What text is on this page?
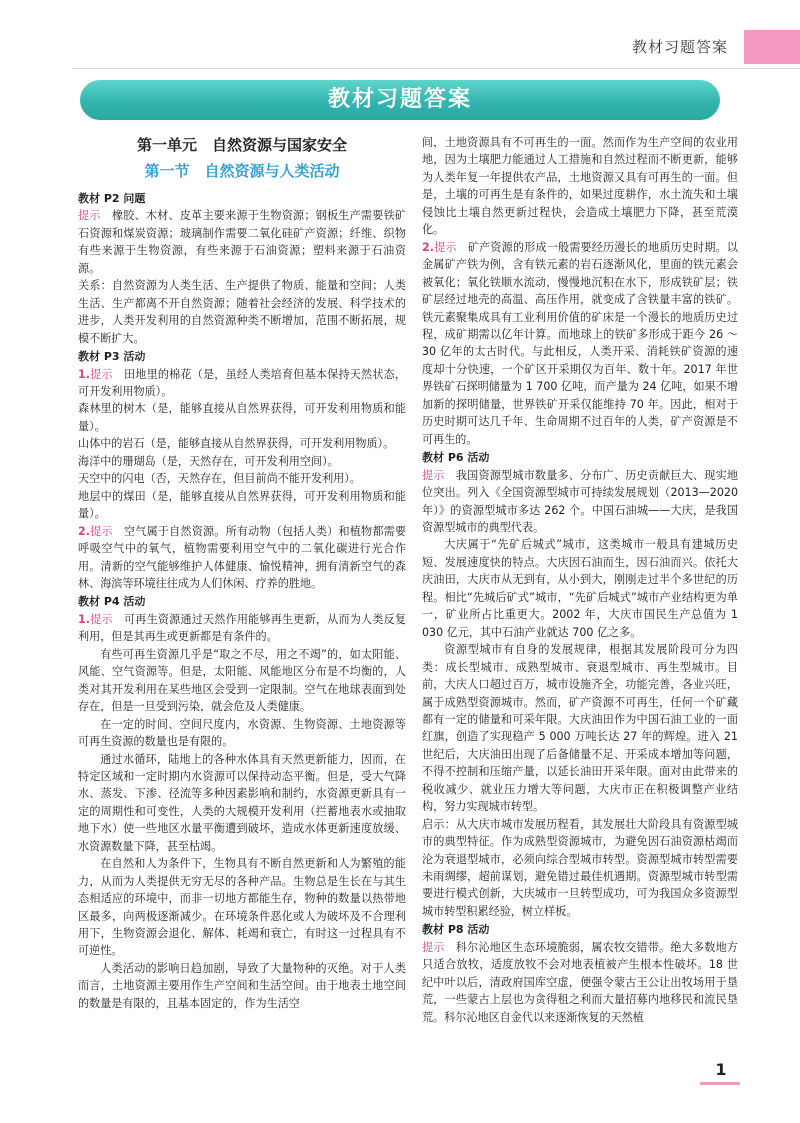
教材习题答案
教材习题答案
第一单元　自然资源与国家安全
第一节　自然资源与人类活动
教材 P2 问题

提示　橡胶、木材、皮革主要来源于生物资源；钢板生产需要铁矿石资源和煤炭资源；玻璃制作需要二氧化硅矿产资源；纤维、织物有些来源于生物资源，有些来源于石油资源；塑料来源于石油资源。

关系：自然资源为人类生活、生产提供了物质、能量和空间；人类生活、生产都离不开自然资源；随着社会经济的发展、科学技术的进步，人类开发利用的自然资源种类不断增加，范围不断拓展，规模不断扩大。

教材 P3 活动

1.提示　田地里的棉花（是，虽经人类培育但基本保持天然状态，可开发利用物质）。

森林里的树木（是，能够直接从自然界获得，可开发利用物质和能量）。

山体中的岩石（是，能够直接从自然界获得，可开发利用物质）。

海洋中的珊瑚岛（是，天然存在，可开发利用空间）。

天空中的闪电（否，天然存在，但目前尚不能开发利用）。

地层中的煤田（是，能够直接从自然界获得，可开发利用物质和能量）。

2.提示　空气属于自然资源。所有动物（包括人类）和植物都需要呼吸空气中的氧气，植物需要利用空气中的二氧化碳进行光合作用。清新的空气能够维护人体健康、愉悦精神，拥有清新空气的森林、海滨等环境往往成为人们休闲、疗养的胜地。

教材 P4 活动

1.提示　可再生资源通过天然作用能够再生更新，从而为人类反复利用，但是其再生或更新都是有条件的。

有些可再生资源几乎是“取之不尽，用之不竭”的，如太阳能、风能、空气资源等。但是，太阳能、风能地区分布是不均衡的，人类对其开发利用在某些地区会受到一定限制。空气在地球表面到处存在，但是一旦受到污染，就会危及人类健康。

在一定的时间、空间尺度内，水资源、生物资源、土地资源等可再生资源的数量也是有限的。

通过水循环，陆地上的各种水体具有天然更新能力，因而，在特定区域和一定时期内水资源可以保持动态平衡。但是，受大气降水、蒸发、下渗、径流等多种因素影响和制约，水资源更新具有一定的周期性和可变性，人类的大规模开发利用（拦蓄地表水或抽取地下水）使一些地区水量平衡遭到破坏，造成水体更新速度放缓、水资源数量下降，甚至枯竭。

在自然和人为条件下，生物具有不断自然更新和人为繁殖的能力，从而为人类提供无穷无尽的各种产品。生物总是生长在与其生态相适应的环境中，而非一切地方都能生存，物种的数量以热带地区最多，向两极逐渐减少。在环境条件恶化或人为破坏及不合理利用下，生物资源会退化、解体、耗竭和衰亡，有时这一过程具有不可逆性。

人类活动的影响日趋加剧，导致了大量物种的灭绝。对于人类而言，土地资源主要用作生产空间和生活空间。由于地表土地空间的数量是有限的，且基本固定的，作为生活空

间，土地资源具有不可再生的一面。然而作为生产空间的农业用地，因为土壤肥力能通过人工措施和自然过程而不断更新，能够为人类年复一年提供农产品，土地资源又具有可再生的一面。但是，土壤的可再生是有条件的，如果过度耕作，水土流失和土壤侵蚀比土壤自然更新过程快，会造成土壤肥力下降，甚至荒漠化。

2.提示　矿产资源的形成一般需要经历漫长的地质历史时期。以金属矿产铁为例，含有铁元素的岩石逐渐风化，里面的铁元素会被氧化；氧化铁顺水流动，慢慢地沉积在水下，形成铁矿层；铁矿层经过地壳的高温、高压作用，就变成了含铁量丰富的铁矿。铁元素聚集成具有工业利用价值的矿床是一个漫长的地质历史过程，成矿期需以亿年计算。而地球上的铁矿多形成于距今 26 ～ 30 亿年的太古时代。与此相反，人类开采、消耗铁矿资源的速度却十分快速，一个矿区开采期仅为百年、数十年。2017 年世界铁矿石探明储量为 1 700 亿吨，而产量为 24 亿吨，如果不增加新的探明储量，世界铁矿开采仅能维持 70 年。因此，相对于历史时期可达几千年、生命周期不过百年的人类，矿产资源是不可再生的。

教材 P6 活动

提示　我国资源型城市数量多、分布广、历史贡献巨大、现实地位突出。列入《全国资源型城市可持续发展规划（2013—2020 年）》的资源型城市多达 262 个。中国石油城——大庆，是我国资源型城市的典型代表。

大庆属于“先矿后城式”城市，这类城市一般具有建城历史短、发展速度快的特点。大庆因石油而生，因石油而兴。依托大庆油田，大庆市从无到有，从小到大，刚刚走过半个多世纪的历程。相比“先城后矿式”城市，“先矿后城式”城市产业结构更为单一，矿业所占比重更大。2002 年，大庆市国民生产总值为 1 030 亿元，其中石油产业就达 700 亿之多。

资源型城市有自身的发展规律，根据其发展阶段可分为四类：成长型城市、成熟型城市、衰退型城市、再生型城市。目前，大庆人口超过百万，城市设施齐全，功能完善，各业兴旺，属于成熟型资源城市。然而，矿产资源不可再生，任何一个矿藏都有一定的储量和可采年限。大庆油田作为中国石油工业的一面红旗，创造了实现稳产 5 000 万吨长达 27 年的辉煌。进入 21 世纪后，大庆油田出现了后备储量不足、开采成本增加等问题，不得不控制和压缩产量，以延长油田开采年限。面对由此带来的税收减少、就业压力增大等问题，大庆市正在积极调整产业结构，努力实现城市转型。

启示：从大庆市城市发展历程看，其发展壮大阶段具有资源型城市的典型特征。作为成熟型资源城市，为避免因石油资源枯竭而沦为衰退型城市，必须向综合型城市转型。资源型城市转型需要未雨绸缪，超前谋划，避免错过最佳机遇期。资源型城市转型需要进行模式创新，大庆城市一旦转型成功，可为我国众多资源型城市转型积累经验，树立样板。

教材 P8 活动

提示　科尔沁地区生态环境脆弱，属农牧交错带。绝大多数地方只适合放牧，适度放牧不会对地表植被产生根本性破坏。18 世纪中叶以后，清政府国库空虚，便强令蒙古王公让出牧场用于垦荒，一些蒙古上层也为贪得租之利而大量招募内地移民和流民垦荒。科尔沁地区自金代以来逐渐恢复的天然植

1
